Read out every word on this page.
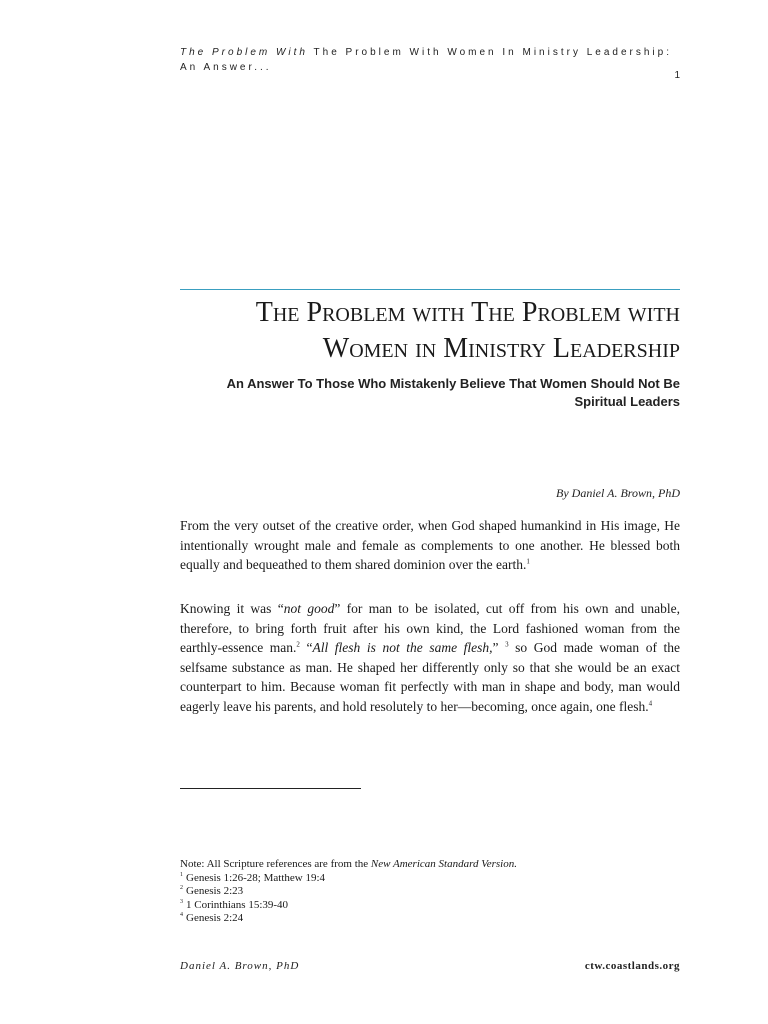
The Problem With The Problem With Women In Ministry Leadership: An Answer...
1
The Problem with The Problem with
Women in Ministry Leadership
An Answer To Those Who Mistakenly Believe That Women Should Not Be Spiritual Leaders
By Daniel A. Brown, PhD

From the very outset of the creative order, when God shaped humankind in His image, He intentionally wrought male and female as complements to one another. He blessed both equally and bequeathed to them shared dominion over the earth.$^1$

Knowing it was “not good” for man to be isolated, cut off from his own and unable, therefore, to bring forth fruit after his own kind, the Lord fashioned woman from the earthly-essence man.$^2$ “All flesh is not the same flesh,” $^3$ so God made woman of the selfsame substance as man. He shaped her differently only so that she would be an exact counterpart to him. Because woman fit perfectly with man in shape and body, man would eagerly leave his parents, and hold resolutely to her—becoming, once again, one flesh.$^4$

Note: All Scripture references are from the New American Standard Version.
$^1$ Genesis 1:26-28; Matthew 19:4
$^2$ Genesis 2:23
$^3$ 1 Corinthians 15:39-40
$^4$ Genesis 2:24
Daniel A. Brown, PhD	ctw.coastlands.org
